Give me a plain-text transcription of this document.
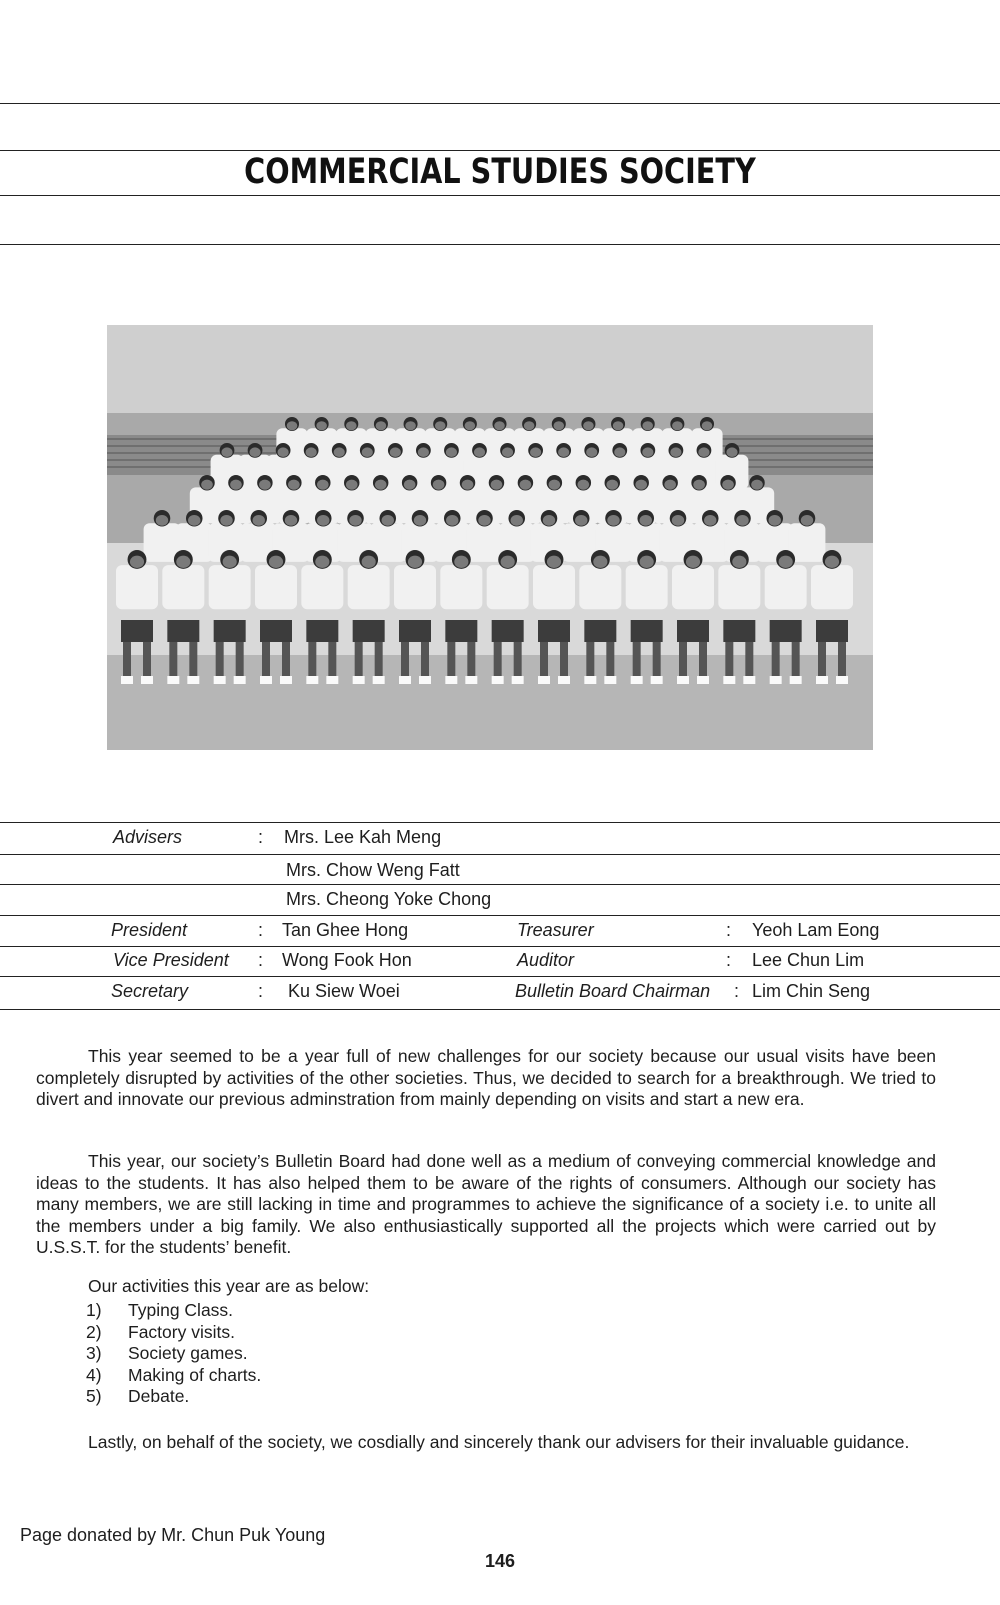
COMMERCIAL STUDIES SOCIETY
Advisers	: Mrs. Lee Kah Meng
Mrs. Chow Weng Fatt
Mrs. Cheong Yoke Chong
President	: Tan Ghee Hong	Treasurer	: Yeoh Lam Eong
Vice President : Wong Fook Hon	Auditor	: Lee Chun Lim
Secretary	: Ku Siew Woei	Bulletin Board Chairman : Lim Chin Seng
This year seemed to be a year full of new challenges for our society because our usual visits have been completely disrupted by activities of the other societies. Thus, we decided to search for a breakthrough. We tried to divert and innovate our previous adminstration from mainly depending on visits and start a new era.
This year, our society’s Bulletin Board had done well as a medium of conveying commercial knowledge and ideas to the students. It has also helped them to be aware of the rights of consumers. Although our society has many members, we are still lacking in time and programmes to achieve the significance of a society i.e. to unite all the members under a big family. We also enthusiastically supported all the projects which were carried out by U.S.S.T. for the students’ benefit.
Our activities this year are as below:
1) Typing Class.
2) Factory visits.
3) Society games.
4) Making of charts.
5) Debate.
Lastly, on behalf of the society, we cosdially and sincerely thank our advisers for their invaluable guidance.
Page donated by Mr. Chun Puk Young
146
